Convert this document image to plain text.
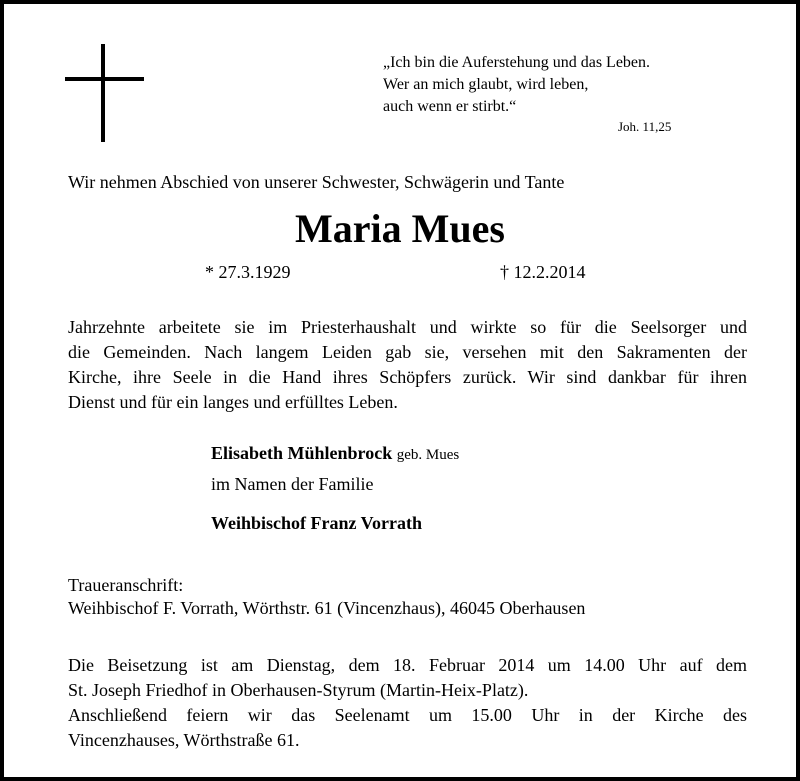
„Ich bin die Auferstehung und das Leben.
Wer an mich glaubt, wird leben,
auch wenn er stirbt.“
Joh. 11,25
Wir nehmen Abschied von unserer Schwester, Schwägerin und Tante
Maria Mues
* 27.3.1929	† 12.2.2014
Jahrzehnte arbeitete sie im Priesterhaushalt und wirkte so für die Seelsorger und
die Gemeinden. Nach langem Leiden gab sie, versehen mit den Sakramenten der
Kirche, ihre Seele in die Hand ihres Schöpfers zurück. Wir sind dankbar für ihren
Dienst und für ein langes und erfülltes Leben.
Elisabeth Mühlenbrock geb. Mues
im Namen der Familie
Weihbischof Franz Vorrath
Traueranschrift:
Weihbischof F. Vorrath, Wörthstr. 61 (Vincenzhaus), 46045 Oberhausen
Die Beisetzung ist am Dienstag, dem 18. Februar 2014 um 14.00 Uhr auf dem
St. Joseph Friedhof in Oberhausen-Styrum (Martin-Heix-Platz).
Anschließend feiern wir das Seelenamt um 15.00 Uhr in der Kirche des
Vincenzhauses, Wörthstraße 61.
